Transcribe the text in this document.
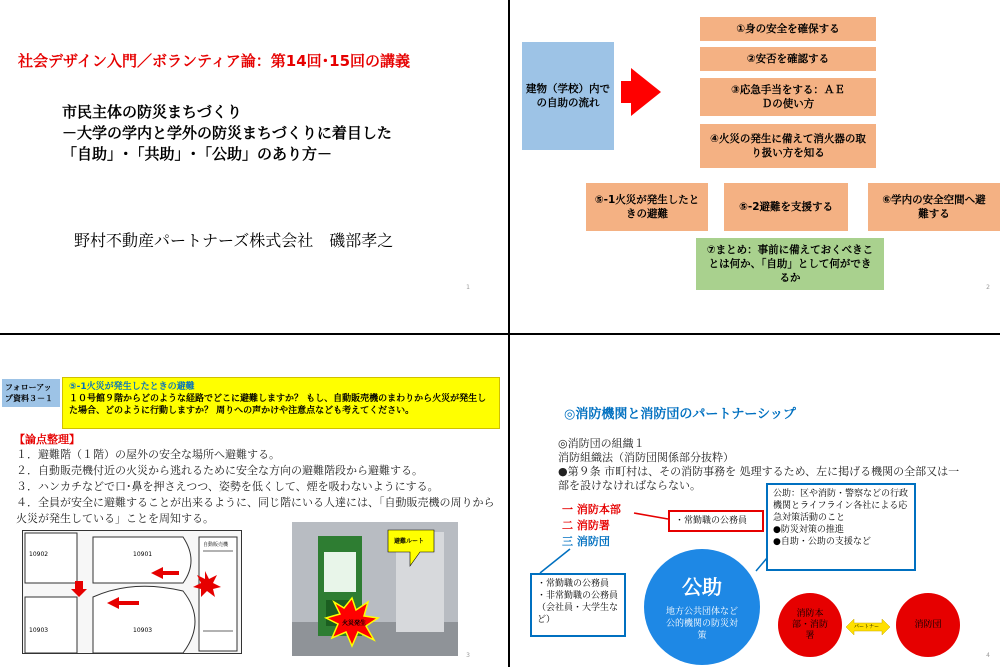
社会デザイン入門／ボランティア論：第14回･15回の講義
市民主体の防災まちづくり
－大学の学内と学外の防災まちづくりに着目した
「自助」･「共助」･「公助」のあり方－
野村不動産パートナーズ株式会社　磯部孝之
1
建物（学校）内での自助の流れ
①身の安全を確保する
②安否を確認する
③応急手当をする：ＡＥＤの使い方
④火災の発生に備えて消火器の取り扱い方を知る
⑤-1火災が発生したときの避難
⑤-2避難を支援する
⑥学内の安全空間へ避難する
⑦まとめ：事前に備えておくべきことは何か、「自助」として何ができるか
2
フォローアップ資料３－１
⑤-1火災が発生したときの避難
１０号館９階からどのような経路でどこに避難しますか？ もし、自動販売機のまわりから火災が発生した場合、どのように行動しますか？ 周りへの声かけや注意点なども考えてください。
【論点整理】
１．避難階（１階）の屋外の安全な場所へ避難する。
２．自動販売機付近の火災から逃れるために安全な方向の避難階段から避難する。
３．ハンカチなどで口･鼻を押さえつつ、姿勢を低くして、煙を吸わないようにする。
４．全員が安全に避難することが出来るように、同じ階にいる人達には、「自動販売機の周りから火災が発生している」ことを周知する。
10902	10901
10903	10903
自動販売機	避難ルート
火災発生
3
◎消防機関と消防団のパートナーシップ
◎消防団の組織１
消防組織法（消防団関係部分抜粋）
●第９条 市町村は、その消防事務を 処理するため、左に掲げる機関の全部又は一部を設けなければならない。
一 消防本部
二 消防署
三 消防団
・常勤職の公務員
・常勤職の公務員
・非常勤職の公務員（会社員・大学生など）
公助：区や消防・警察などの行政機関とライフライン各社による応急対策活動のこと
●防災対策の推進
●自助・公助の支援など
公助
地方公共団体など公的機関の防災対策
消防本部・消防署
消防団
パートナー
4
